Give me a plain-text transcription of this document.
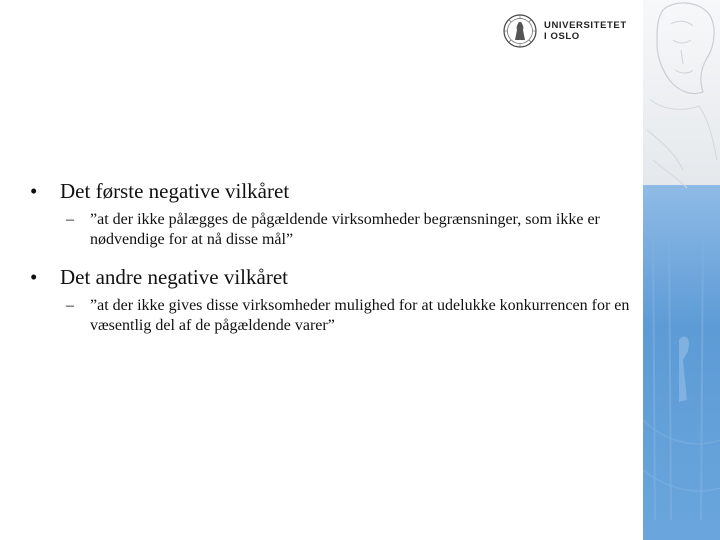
UNIVERSITETET
I OSLO
• Det første negative vilkåret
– ”at der ikke pålægges de pågældende virksomheder begrænsninger, som ikke er nødvendige for at nå disse mål”
• Det andre negative vilkåret
– ”at der ikke gives disse virksomheder mulighed for at udelukke konkurrencen for en væsentlig del af de pågældende varer”
